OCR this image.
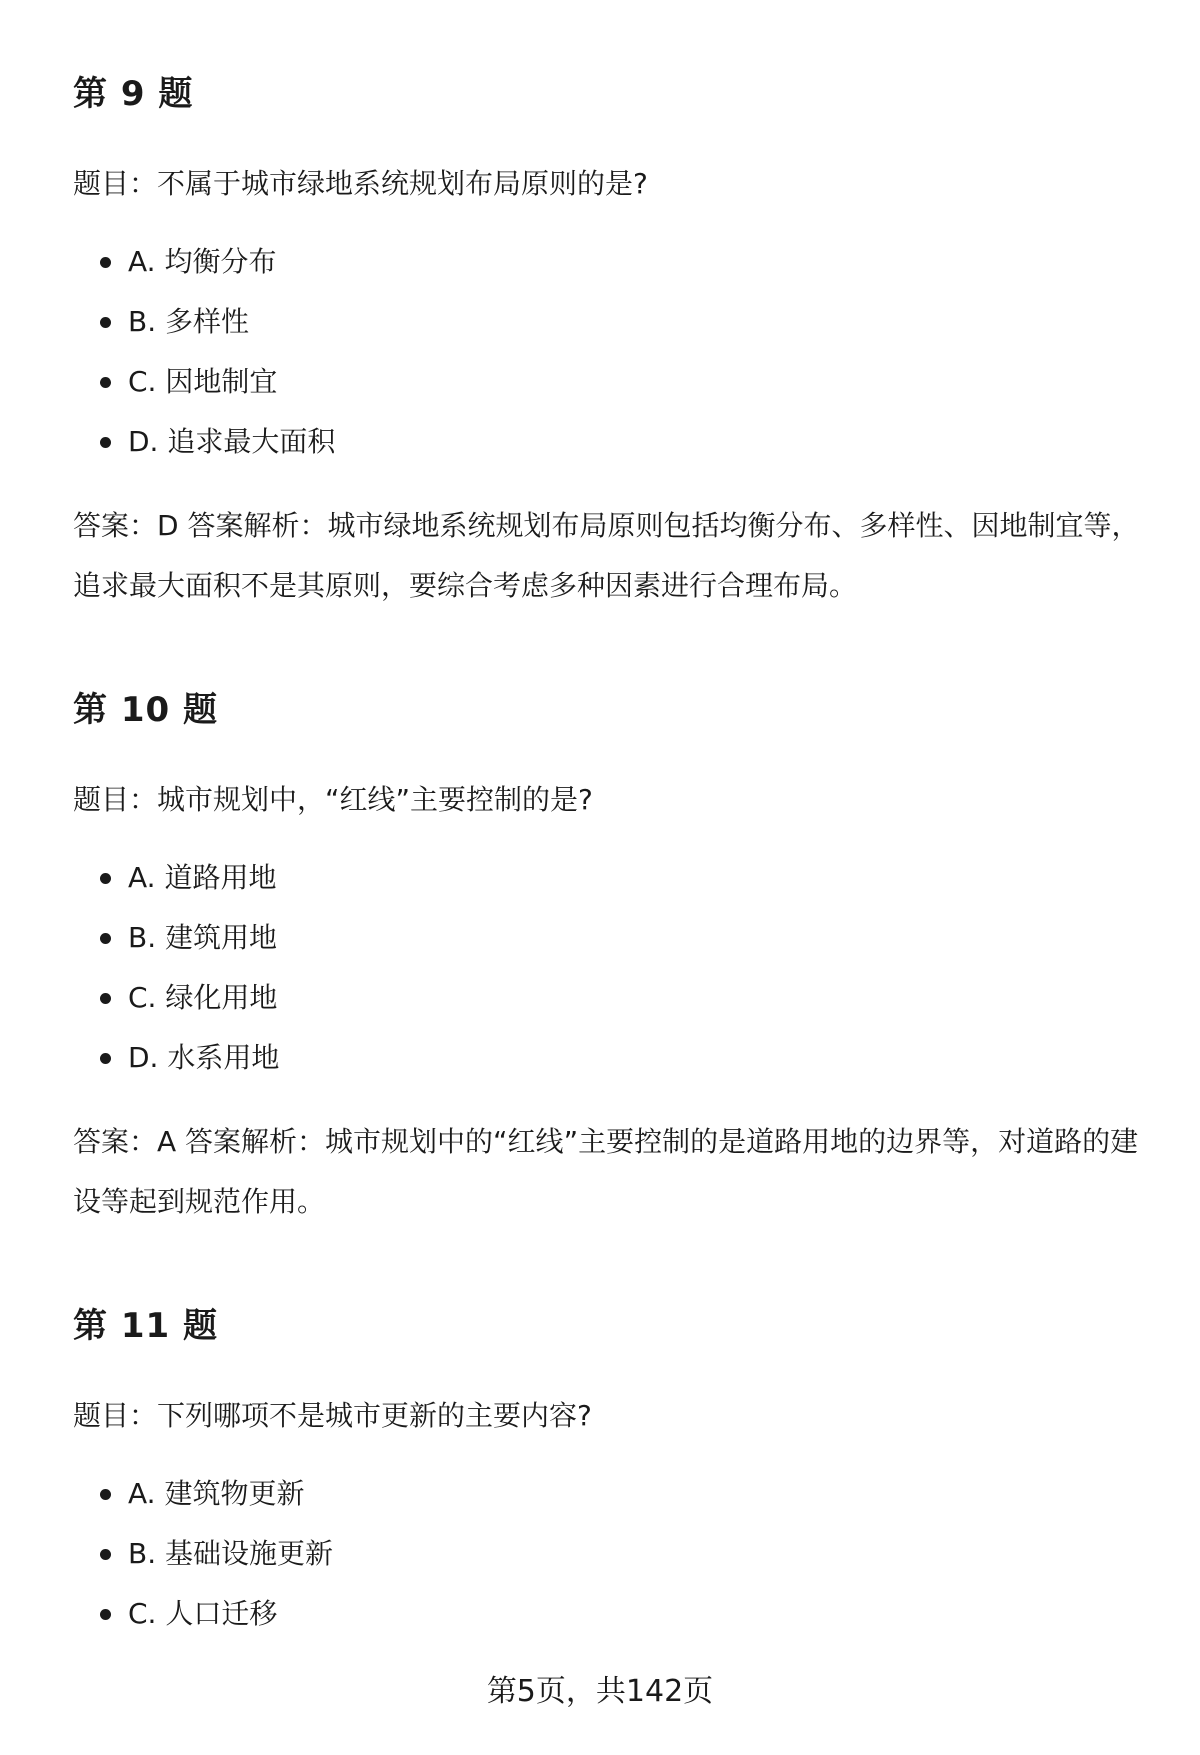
第 9 题

题目：不属于城市绿地系统规划布局原则的是?

A. 均衡分布
B. 多样性
C. 因地制宜
D. 追求最大面积

答案：D 答案解析：城市绿地系统规划布局原则包括均衡分布、多样性、因地制宜等，追求最大面积不是其原则，要综合考虑多种因素进行合理布局。

第 10 题

题目：城市规划中，“红线”主要控制的是?

A. 道路用地
B. 建筑用地
C. 绿化用地
D. 水系用地

答案：A 答案解析：城市规划中的“红线”主要控制的是道路用地的边界等，对道路的建设等起到规范作用。

第 11 题

题目：下列哪项不是城市更新的主要内容?

A. 建筑物更新
B. 基础设施更新
C. 人口迁移
第5页，共142页
